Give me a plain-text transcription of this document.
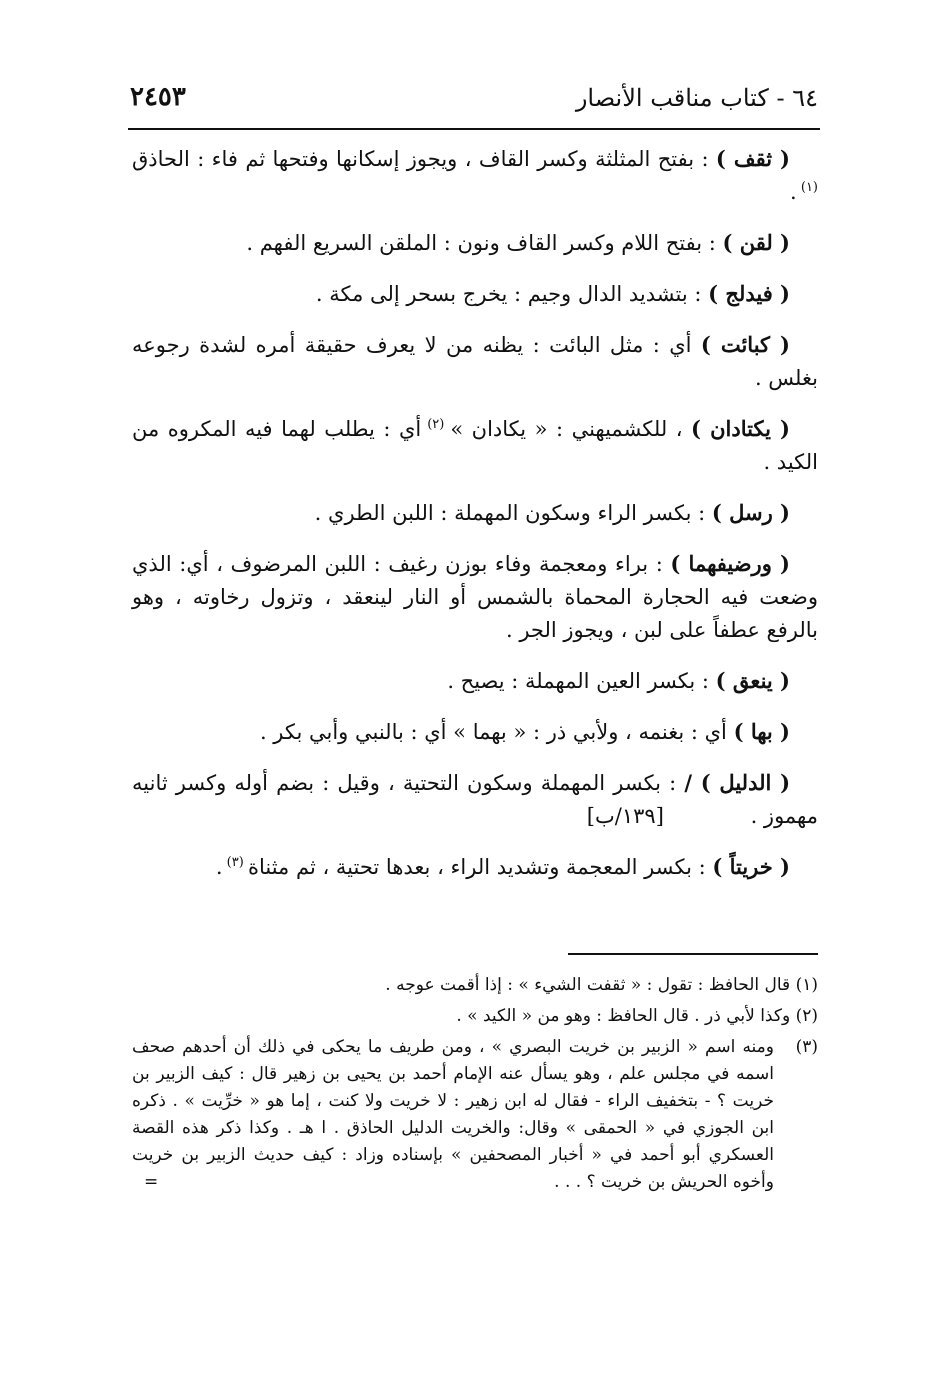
٦٤ - كتاب مناقب الأنصار
٢٤٥٣

( ثقف ) : بفتح المثلثة وكسر القاف ، ويجوز إسكانها وفتحها ثم فاء : الحاذق $^{(١)}$ .

( لقن ) : بفتح اللام وكسر القاف ونون : الملقن السريع الفهم .

( فيدلج ) : بتشديد الدال وجيم : يخرج بسحر إلى مكة .

( كبائت ) أي : مثل البائت : يظنه من لا يعرف حقيقة أمره لشدة رجوعه بغلس .

( يكتادان ) ، للكشميهني : « يكادان » $^{(٢)}$ أي : يطلب لهما فيه المكروه من الكيد .

( رسل ) : بكسر الراء وسكون المهملة : اللبن الطري .

( ورضيفهما ) : براء ومعجمة وفاء بوزن رغيف : اللبن المرضوف ، أي: الذي وضعت فيه الحجارة المحماة بالشمس أو النار لينعقد ، وتزول رخاوته ، وهو بالرفع عطفاً على لبن ، ويجوز الجر .

( ينعق ) : بكسر العين المهملة : يصيح .

( بها ) أي : بغنمه ، ولأبي ذر : « بهما » أي : بالنبي وأبي بكر .

( الدليل ) / : بكسر المهملة وسكون التحتية ، وقيل : بضم أوله وكسر ثانيه مهموز . [١٣٩/ب]

( خريتاً ) : بكسر المعجمة وتشديد الراء ، بعدها تحتية ، ثم مثناة $^{(٣)}$ .

(١) قال الحافظ : تقول : « ثقفت الشيء » : إذا أقمت عوجه .

(٢) وكذا لأبي ذر . قال الحافظ : وهو من « الكيد » .

(٣)
ومنه اسم « الزبير بن خريت البصري » ، ومن طريف ما يحكى في ذلك أن أحدهم صحف اسمه في مجلس علم ، وهو يسأل عنه الإمام أحمد بن يحيى بن زهير قال : كيف الزبير بن خريت ؟ - بتخفيف الراء - فقال له ابن زهير : لا خريت ولا كنت ، إما هو « خرِّيت » . ذكره ابن الجوزي في « الحمقى » وقال: والخريت الدليل الحاذق . ا هـ . وكذا ذكر هذه القصة العسكري أبو أحمد في « أخبار المصحفين » بإسناده وزاد : كيف حديث الزبير بن خريت وأخوه الحريش بن خريت ؟ . . .
=
